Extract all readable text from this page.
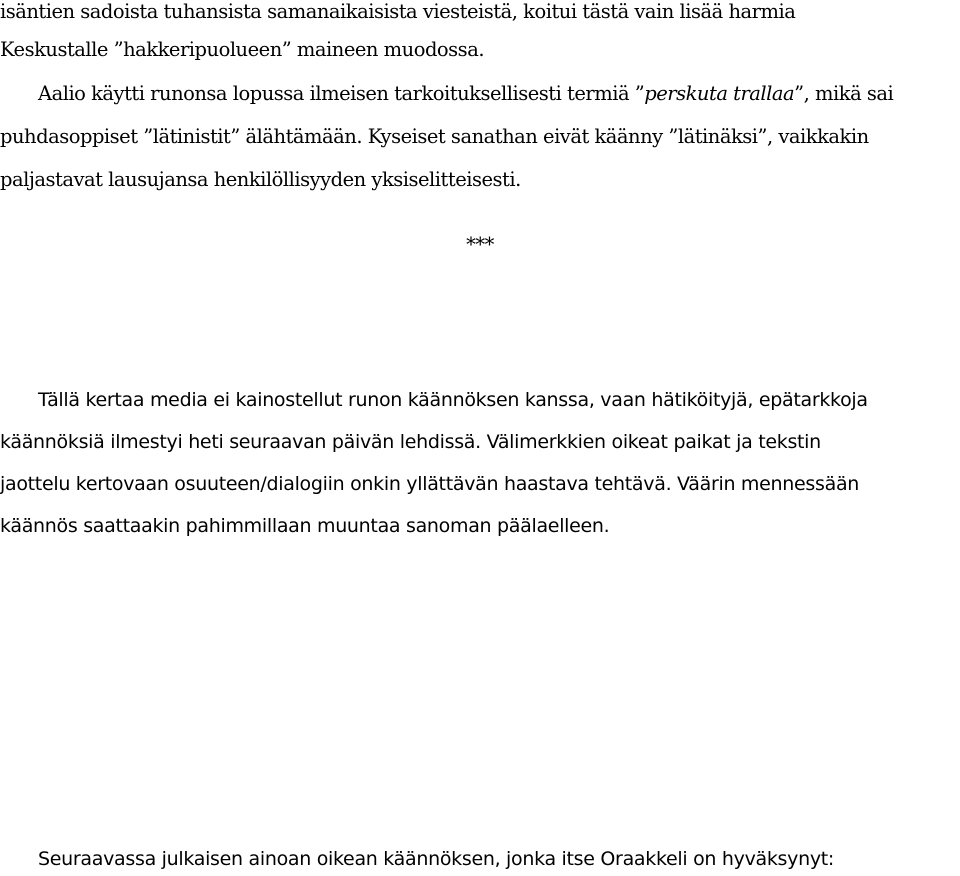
isäntien sadoista tuhansista samanaikaisista viesteistä, koitui tästä vain lisää harmia
Keskustalle ”hakkeripuolueen” maineen muodossa.
Aalio käytti runonsa lopussa ilmeisen tarkoituksellisesti termiä ”perskuta trallaa”, mikä sai
puhdasoppiset ”lätinistit” älähtämään. Kyseiset sanathan eivät käänny ”lätinäksi”, vaikkakin
paljastavat lausujansa henkilöllisyyden yksiselitteisesti.
***
Tällä kertaa media ei kainostellut runon käännöksen kanssa, vaan hätiköityjä, epätarkkoja
käännöksiä ilmestyi heti seuraavan päivän lehdissä. Välimerkkien oikeat paikat ja tekstin
jaottelu kertovaan osuuteen/dialogiin onkin yllättävän haastava tehtävä. Väärin mennessään
käännös saattaakin pahimmillaan muuntaa sanoman päälaelleen.
Seuraavassa julkaisen ainoan oikean käännöksen, jonka itse Oraakkeli on hyväksynyt:
